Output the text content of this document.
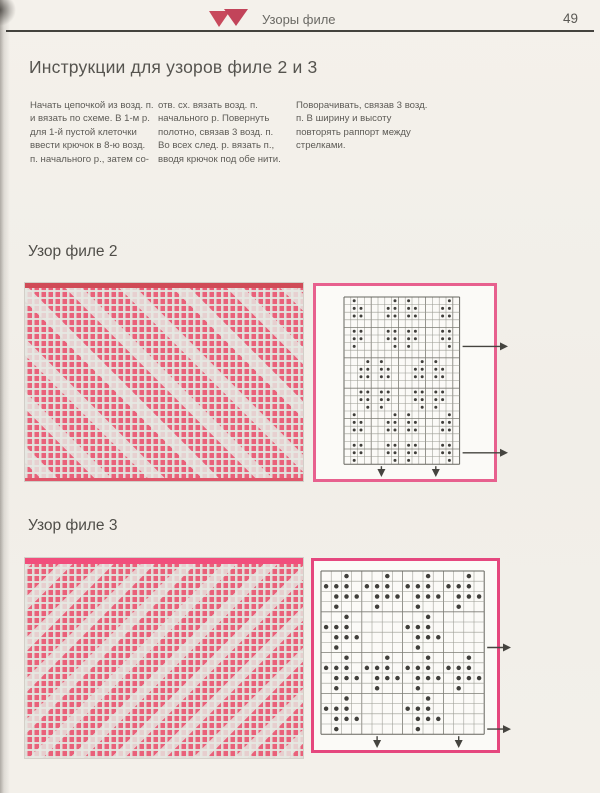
Узоры филе	49
Инструкции для узоров филе 2 и 3
Начать цепочкой из возд. п. и вязать по схеме. В 1-м р. для 1-й пустой клеточки ввести крючок в 8-ю возд. п. начального р., затем со-
отв. сх. вязать возд. п. начального р. Повернуть полотно, связав 3 возд. п. Во всех след. р. вязать п., вводя крючок под обе нити.
Поворачивать, связав 3 возд. п. В ширину и высоту повторять раппорт между стрелками.
Узор филе 2
Узор филе 3
